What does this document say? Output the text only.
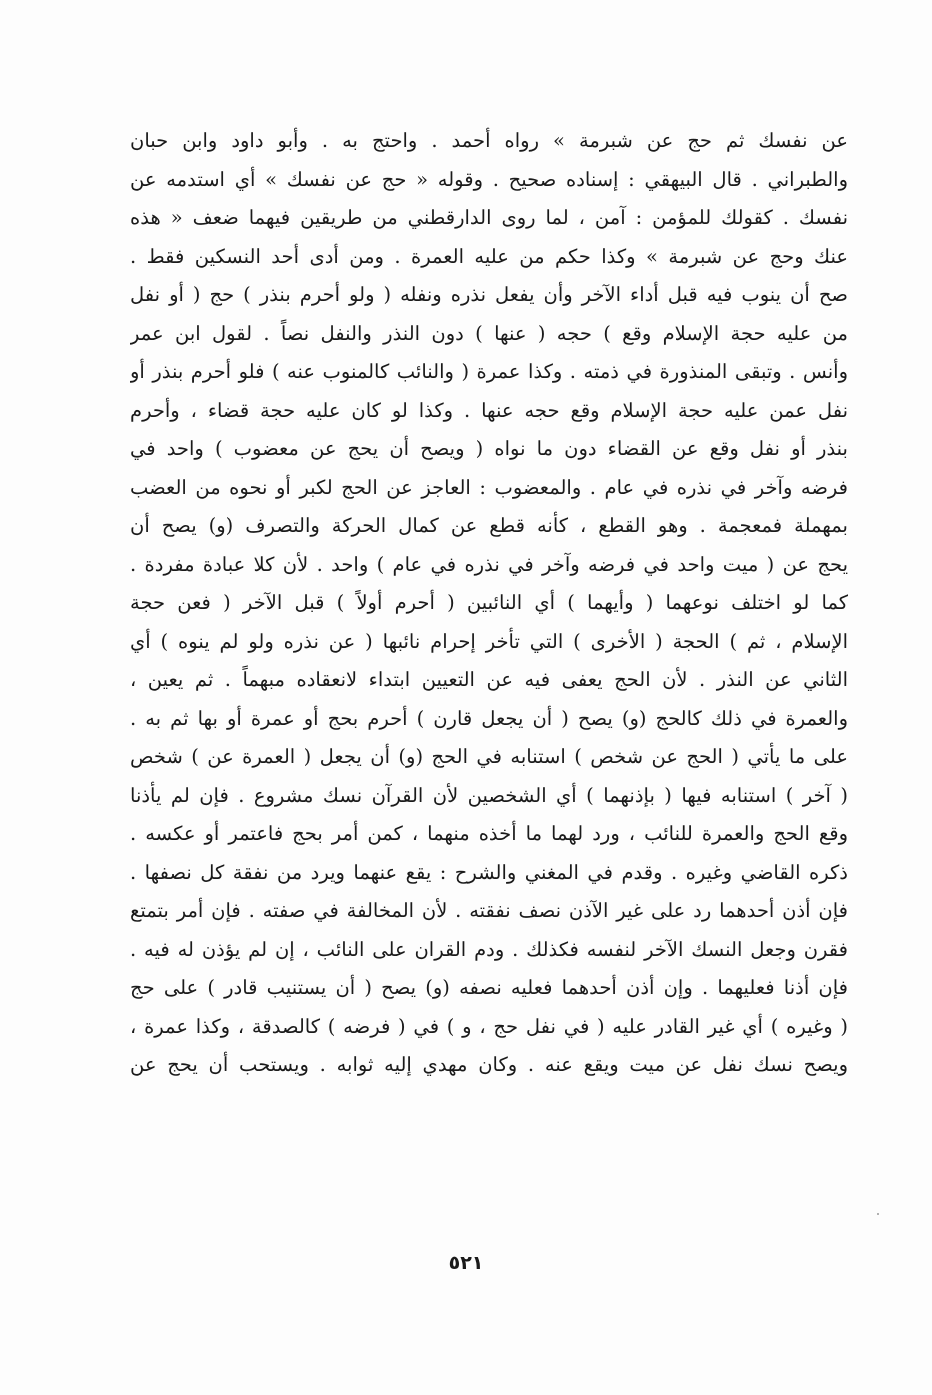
عن نفسك ثم حج عن شبرمة » رواه أحمد . واحتج به . وأبو داود وابن حبان
والطبراني . قال البيهقي : إسناده صحيح . وقوله « حج عن نفسك » أي استدمه عن
نفسك . كقولك للمؤمن : آمن ، لما روى الدارقطني من طريقين فيهما ضعف « هذه
عنك وحج عن شبرمة » وكذا حكم من عليه العمرة . ومن أدى أحد النسكين فقط .
صح أن ينوب فيه قبل أداء الآخر وأن يفعل نذره ونفله ( ولو أحرم بنذر ) حج ( أو نفل
من عليه حجة الإسلام وقع ) حجه ( عنها ) دون النذر والنفل نصاً . لقول ابن عمر
وأنس . وتبقى المنذورة في ذمته . وكذا عمرة ( والنائب كالمنوب عنه ) فلو أحرم بنذر أو
نفل عمن عليه حجة الإسلام وقع حجه عنها . وكذا لو كان عليه حجة قضاء ، وأحرم
بنذر أو نفل وقع عن القضاء دون ما نواه ( ويصح أن يحج عن معضوب ) واحد في
فرضه وآخر في نذره في عام . والمعضوب : العاجز عن الحج لكبر أو نحوه من العضب
بمهملة فمعجمة . وهو القطع ، كأنه قطع عن كمال الحركة والتصرف (و) يصح أن
يحج عن ( ميت واحد في فرضه وآخر في نذره في عام ) واحد . لأن كلا عبادة مفردة .
كما لو اختلف نوعهما ( وأيهما ) أي النائبين ( أحرم أولاً ) قبل الآخر ( فعن حجة
الإسلام ، ثم ) الحجة ( الأخرى ) التي تأخر إحرام نائبها ( عن نذره ولو لم ينوه ) أي
الثاني عن النذر . لأن الحج يعفى فيه عن التعيين ابتداء لانعقاده مبهماً . ثم يعين ،
والعمرة في ذلك كالحج (و) يصح ( أن يجعل قارن ) أحرم بحج أو عمرة أو بها ثم به .
على ما يأتي ( الحج عن شخص ) استنابه في الحج (و) أن يجعل ( العمرة عن ) شخص
( آخر ) استنابه فيها ( بإذنهما ) أي الشخصين لأن القرآن نسك مشروع . فإن لم يأذنا
وقع الحج والعمرة للنائب ، ورد لهما ما أخذه منهما ، كمن أمر بحج فاعتمر أو عكسه .
ذكره القاضي وغيره . وقدم في المغني والشرح : يقع عنهما ويرد من نفقة كل نصفها .
فإن أذن أحدهما رد على غير الآذن نصف نفقته . لأن المخالفة في صفته . فإن أمر بتمتع
فقرن وجعل النسك الآخر لنفسه فكذلك . ودم القران على النائب ، إن لم يؤذن له فيه .
فإن أذنا فعليهما . وإن أذن أحدهما فعليه نصفه (و) يصح ( أن يستنيب قادر ) على حج
( وغيره ) أي غير القادر عليه ( في نفل حج ، و ) في ( فرضه ) كالصدقة ، وكذا عمرة ،
ويصح نسك نفل عن ميت ويقع عنه . وكان مهدي إليه ثوابه . ويستحب أن يحج عن
٥٢١
